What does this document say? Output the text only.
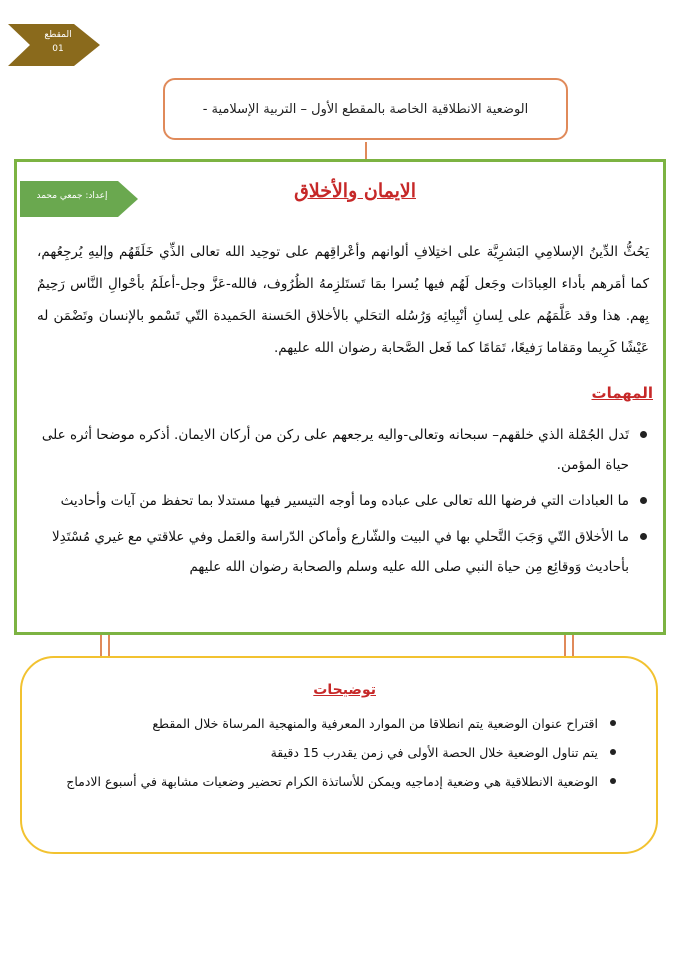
المقطع
01
الوضعية الانطلاقية الخاصة بالمقطع الأول – التربية الإسلامية -
إعداد: جمعي محمد	الايمان والأخلاق
يَحُثُّ الدِّينُ الإسلامِي البَشرِيَّة على اختِلافِ ألوانهم وأعْراقِهم على توحِيد الله تعالى الذِّي خَلَقَهُم وإليهِ يُرجِعُهم، كما أمَرهم بأداء العِبادَات وجَعل لَهُم فيها يُسرا بمَا تَستَلزِمهُ الظُرُوف، فالله-عَزَّ وجل-أعلَمُ بأحْوالِ النَّاس رَحِيمٌ بِهم. هذا وقد عَلَّمَهُم على لِسانِ أنْبِيائِه وَرُسُله التحَلي بالأخلاق الحَسنة الحَميدة التّي تَسْمو بالإنسان وتَضْمَن له عَيْشًا كَرِيما ومَقاما رَفيعًا، تَمَامًا كما فَعل الصَّحابة رضوان الله عليهم.
المهمات
تَدل الجُمْلة الذي خلقهم– سبحانه وتعالى-واليه يرجعهم على ركن من أركان الايمان. أذكره موضحا أثره على حياة المؤمن.
ما العبادات التي فرضها الله تعالى على عباده وما أوجه التيسير فيها مستدلا بما تحفظ من آيات وأحاديث
ما الأخلاق التّي وَجَبَ التَّحلي بها في البيت والشّارع وأماكن الدّراسة والعَمل وفي علاقتي مع غيري مُسْتَدِلا بأحاديث وَوقائِع مِن حياة النبي صلى الله عليه وسلم والصحابة رضوان الله عليهم
توضيحات
اقتراح عنوان الوضعية يتم انطلاقا من الموارد المعرفية والمنهجية المرساة خلال المقطع
يتم تناول الوضعية خلال الحصة الأولى في زمن يقدرب 15 دقيقة
الوضعية الانطلاقية هي وضعية إدماجيه ويمكن للأساتذة الكرام تحضير وضعيات مشابهة في أسبوع الادماج
